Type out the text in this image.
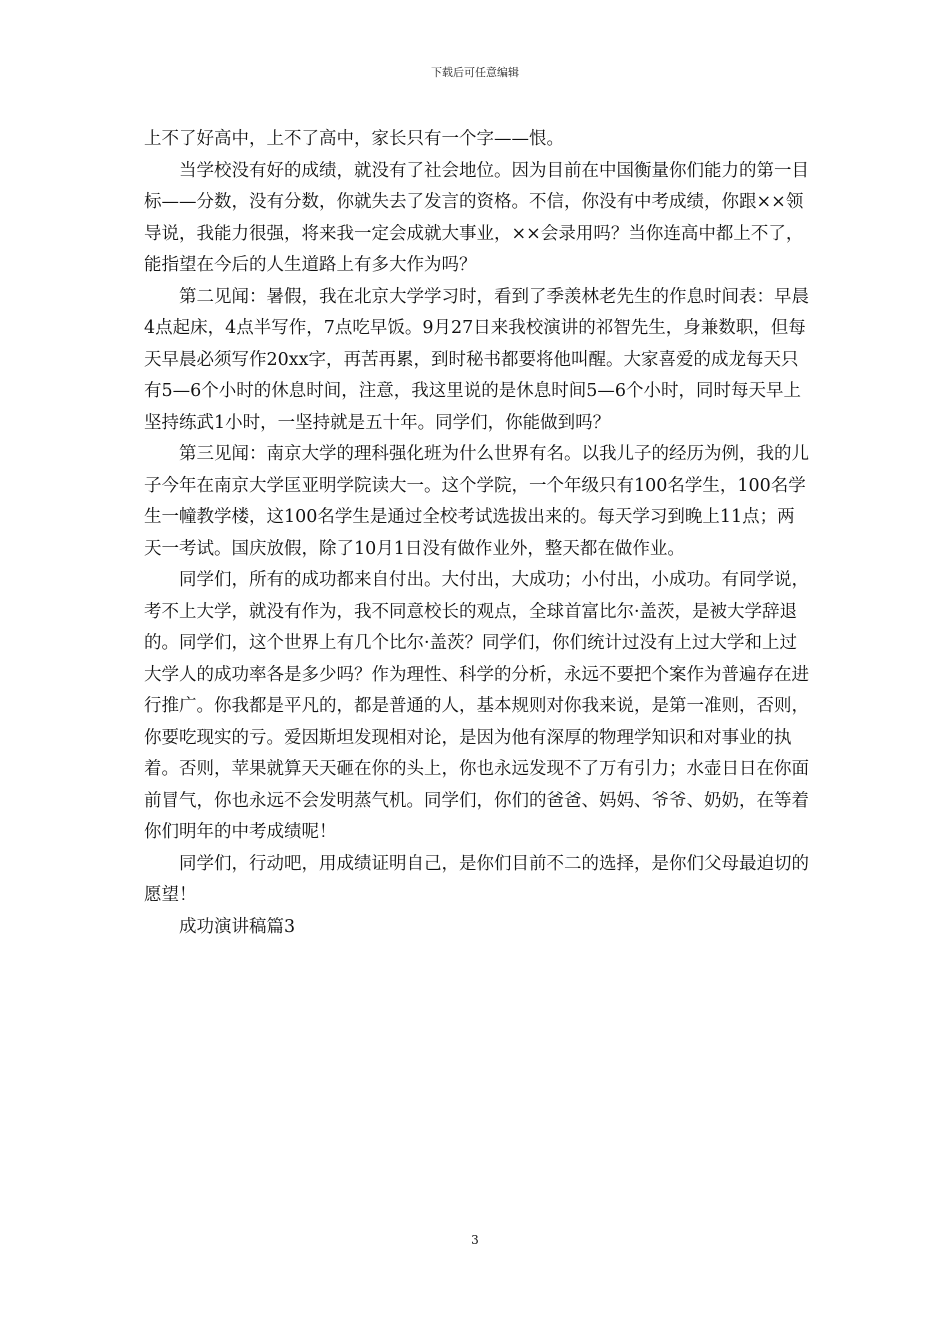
下载后可任意编辑

上不了好高中，上不了高中，家长只有一个字——恨。

当学校没有好的成绩，就没有了社会地位。因为目前在中国衡量你们能力的第一目标——分数，没有分数，你就失去了发言的资格。不信，你没有中考成绩，你跟××领导说，我能力很强，将来我一定会成就大事业，××会录用吗？当你连高中都上不了，能指望在今后的人生道路上有多大作为吗？

第二见闻：暑假，我在北京大学学习时，看到了季羡林老先生的作息时间表：早晨4点起床，4点半写作，7点吃早饭。9月27日来我校演讲的祁智先生，身兼数职，但每天早晨必须写作20xx字，再苦再累，到时秘书都要将他叫醒。大家喜爱的成龙每天只有5—6个小时的休息时间，注意，我这里说的是休息时间5—6个小时，同时每天早上坚持练武1小时，一坚持就是五十年。同学们，你能做到吗？

第三见闻：南京大学的理科强化班为什么世界有名。以我儿子的经历为例，我的儿子今年在南京大学匡亚明学院读大一。这个学院，一个年级只有100名学生，100名学生一幢教学楼，这100名学生是通过全校考试选拔出来的。每天学习到晚上11点；两天一考试。国庆放假，除了10月1日没有做作业外，整天都在做作业。

同学们，所有的成功都来自付出。大付出，大成功；小付出，小成功。有同学说，考不上大学，就没有作为，我不同意校长的观点，全球首富比尔·盖茨，是被大学辞退的。同学们，这个世界上有几个比尔·盖茨？同学们，你们统计过没有上过大学和上过大学人的成功率各是多少吗？作为理性、科学的分析，永远不要把个案作为普遍存在进行推广。你我都是平凡的，都是普通的人，基本规则对你我来说，是第一准则，否则，你要吃现实的亏。爱因斯坦发现相对论，是因为他有深厚的物理学知识和对事业的执着。否则，苹果就算天天砸在你的头上，你也永远发现不了万有引力；水壶日日在你面前冒气，你也永远不会发明蒸气机。同学们，你们的爸爸、妈妈、爷爷、奶奶，在等着你们明年的中考成绩呢！

同学们，行动吧，用成绩证明自己，是你们目前不二的选择，是你们父母最迫切的愿望！

成功演讲稿篇3

3
